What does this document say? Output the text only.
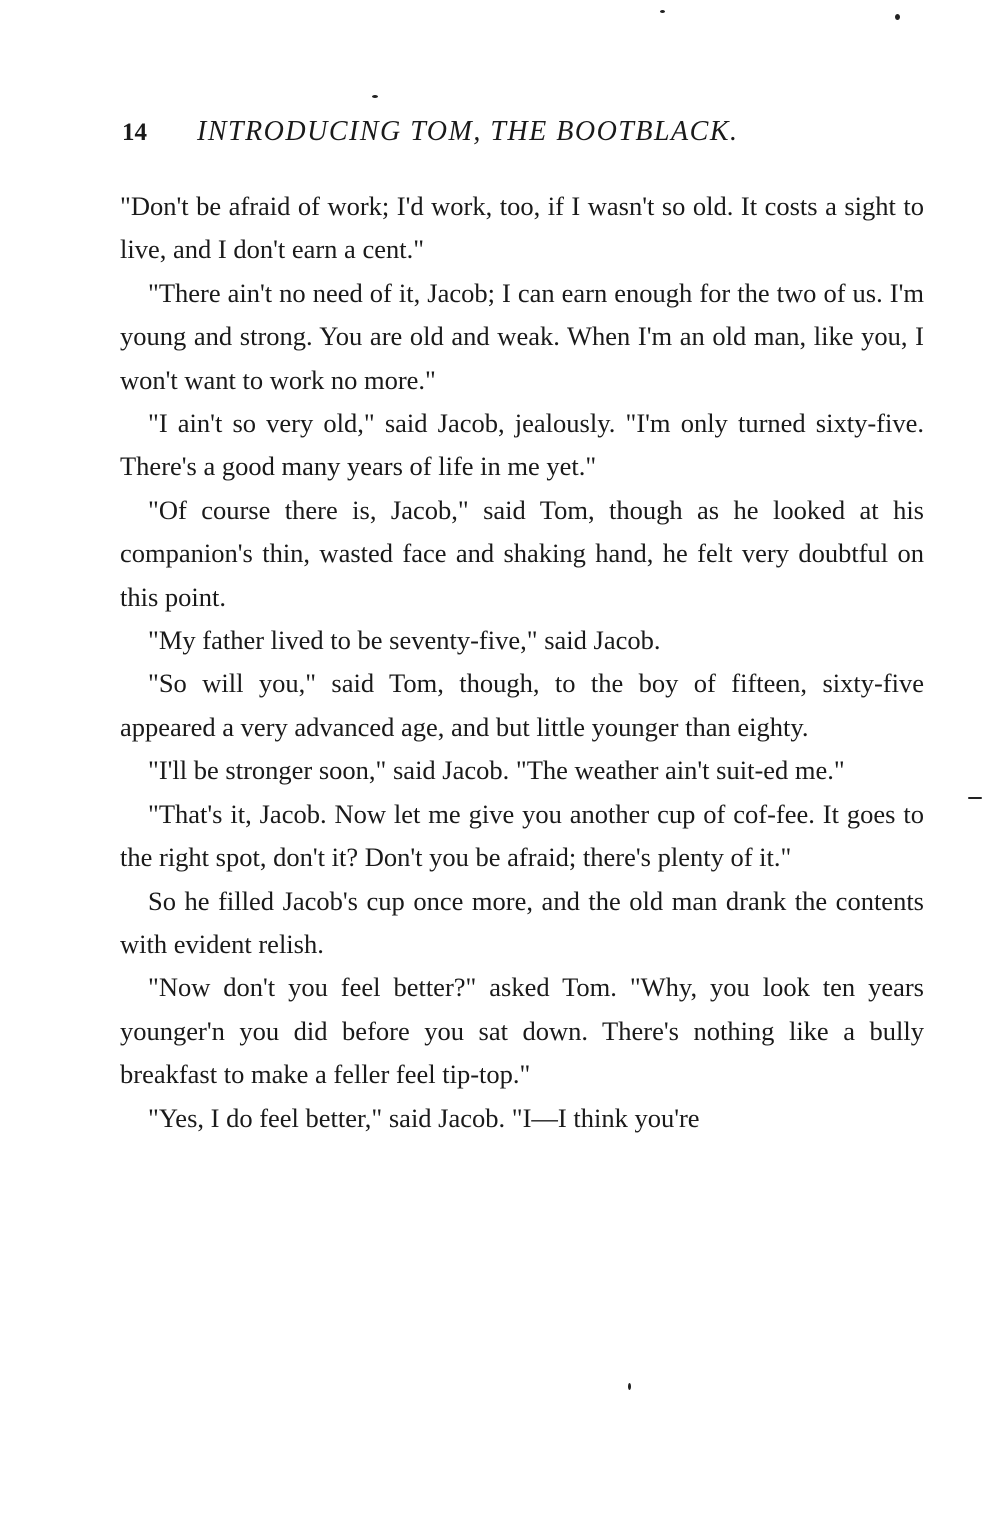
14 INTRODUCING TOM, THE BOOTBLACK.

"Don't be afraid of work; I'd work, too, if I wasn't so old. It costs a sight to live, and I don't earn a cent."

"There ain't no need of it, Jacob; I can earn enough for the two of us. I'm young and strong. You are old and weak. When I'm an old man, like you, I won't want to work no more."

"I ain't so very old," said Jacob, jealously. "I'm only turned sixty-five. There's a good many years of life in me yet."

"Of course there is, Jacob," said Tom, though as he looked at his companion's thin, wasted face and shaking hand, he felt very doubtful on this point.

"My father lived to be seventy-five," said Jacob.

"So will you," said Tom, though, to the boy of fifteen, sixty-five appeared a very advanced age, and but little younger than eighty.

"I'll be stronger soon," said Jacob. "The weather ain't suit-ed me."

"That's it, Jacob. Now let me give you another cup of cof-fee. It goes to the right spot, don't it? Don't you be afraid; there's plenty of it."

So he filled Jacob's cup once more, and the old man drank the contents with evident relish.

"Now don't you feel better?" asked Tom. "Why, you look ten years younger'n you did before you sat down. There's nothing like a bully breakfast to make a feller feel tip-top."

"Yes, I do feel better," said Jacob. "I—I think you're
